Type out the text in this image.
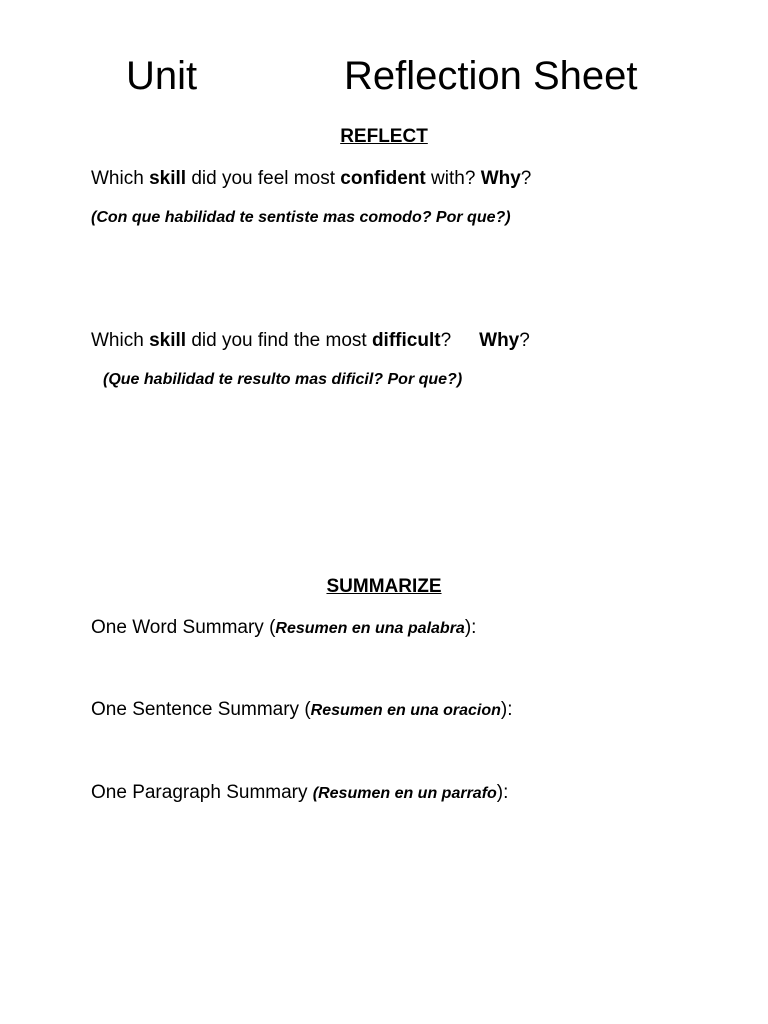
Unit	Reflection Sheet
REFLECT
Which skill did you feel most confident with? Why?
(Con que habilidad te sentiste mas comodo? Por que?)
Which skill did you find the most difficult? Why?
(Que habilidad te resulto mas dificil? Por que?)
SUMMARIZE
One Word Summary (Resumen en una palabra):
One Sentence Summary (Resumen en una oracion):
One Paragraph Summary (Resumen en un parrafo):
